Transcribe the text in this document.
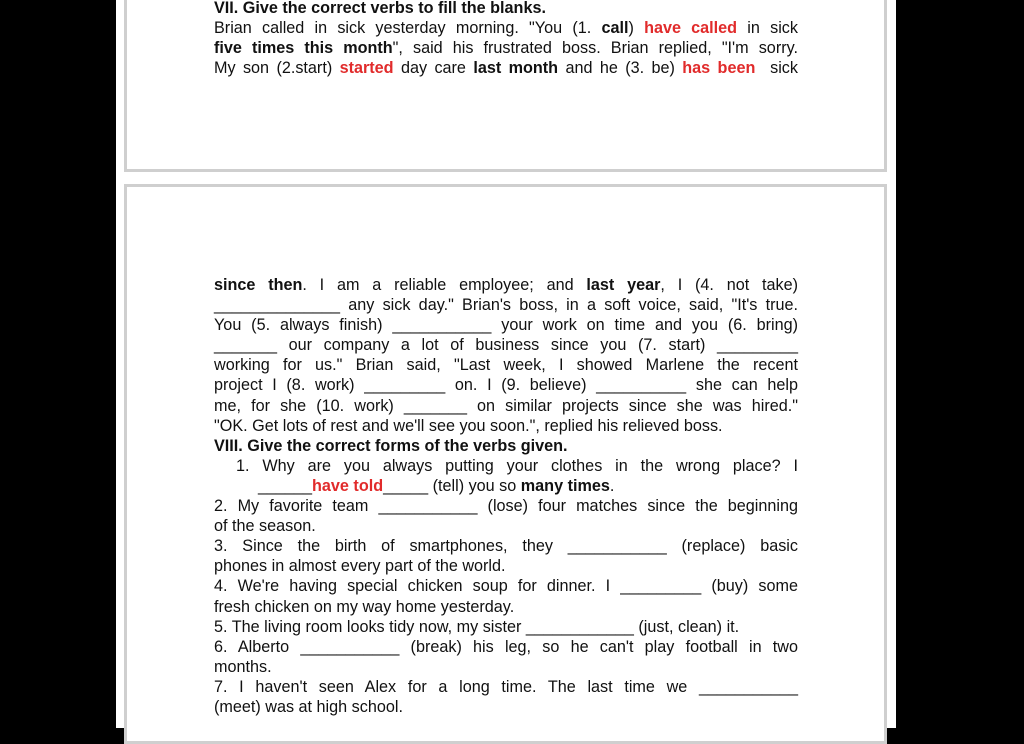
VII. Give the correct verbs to fill the blanks.
Brian called in sick yesterday morning. "You (1. call) have called in sick
five times this month", said his frustrated boss. Brian replied, "I'm sorry.
My son (2.start) started day care last month and he (3. be) has been  sick
since then. I am a reliable employee; and last year, I (4. not take)
______________ any sick day." Brian's boss, in a soft voice, said, "It's true.
You (5. always finish) ___________ your work on time and you (6. bring)
_______ our company a lot of business since you (7. start) _________
working for us." Brian said, "Last week, I showed Marlene the recent
project I (8. work) _________ on. I (9. believe) __________ she can help
me, for she (10. work) _______ on similar projects since she was hired."
"OK. Get lots of rest and we'll see you soon.", replied his relieved boss.
VIII. Give the correct forms of the verbs given.
1. Why are you always putting your clothes in the wrong place? I
______have told_____ (tell) you so many times.
2. My favorite team ___________ (lose) four matches since the beginning
of the season.
3. Since the birth of smartphones, they ___________ (replace) basic
phones in almost every part of the world.
4. We're having special chicken soup for dinner. I _________ (buy) some
fresh chicken on my way home yesterday.
5. The living room looks tidy now, my sister ____________ (just, clean) it.
6. Alberto ___________ (break) his leg, so he can't play football in two
months.
7. I haven't seen Alex for a long time. The last time we ___________
(meet) was at high school.
